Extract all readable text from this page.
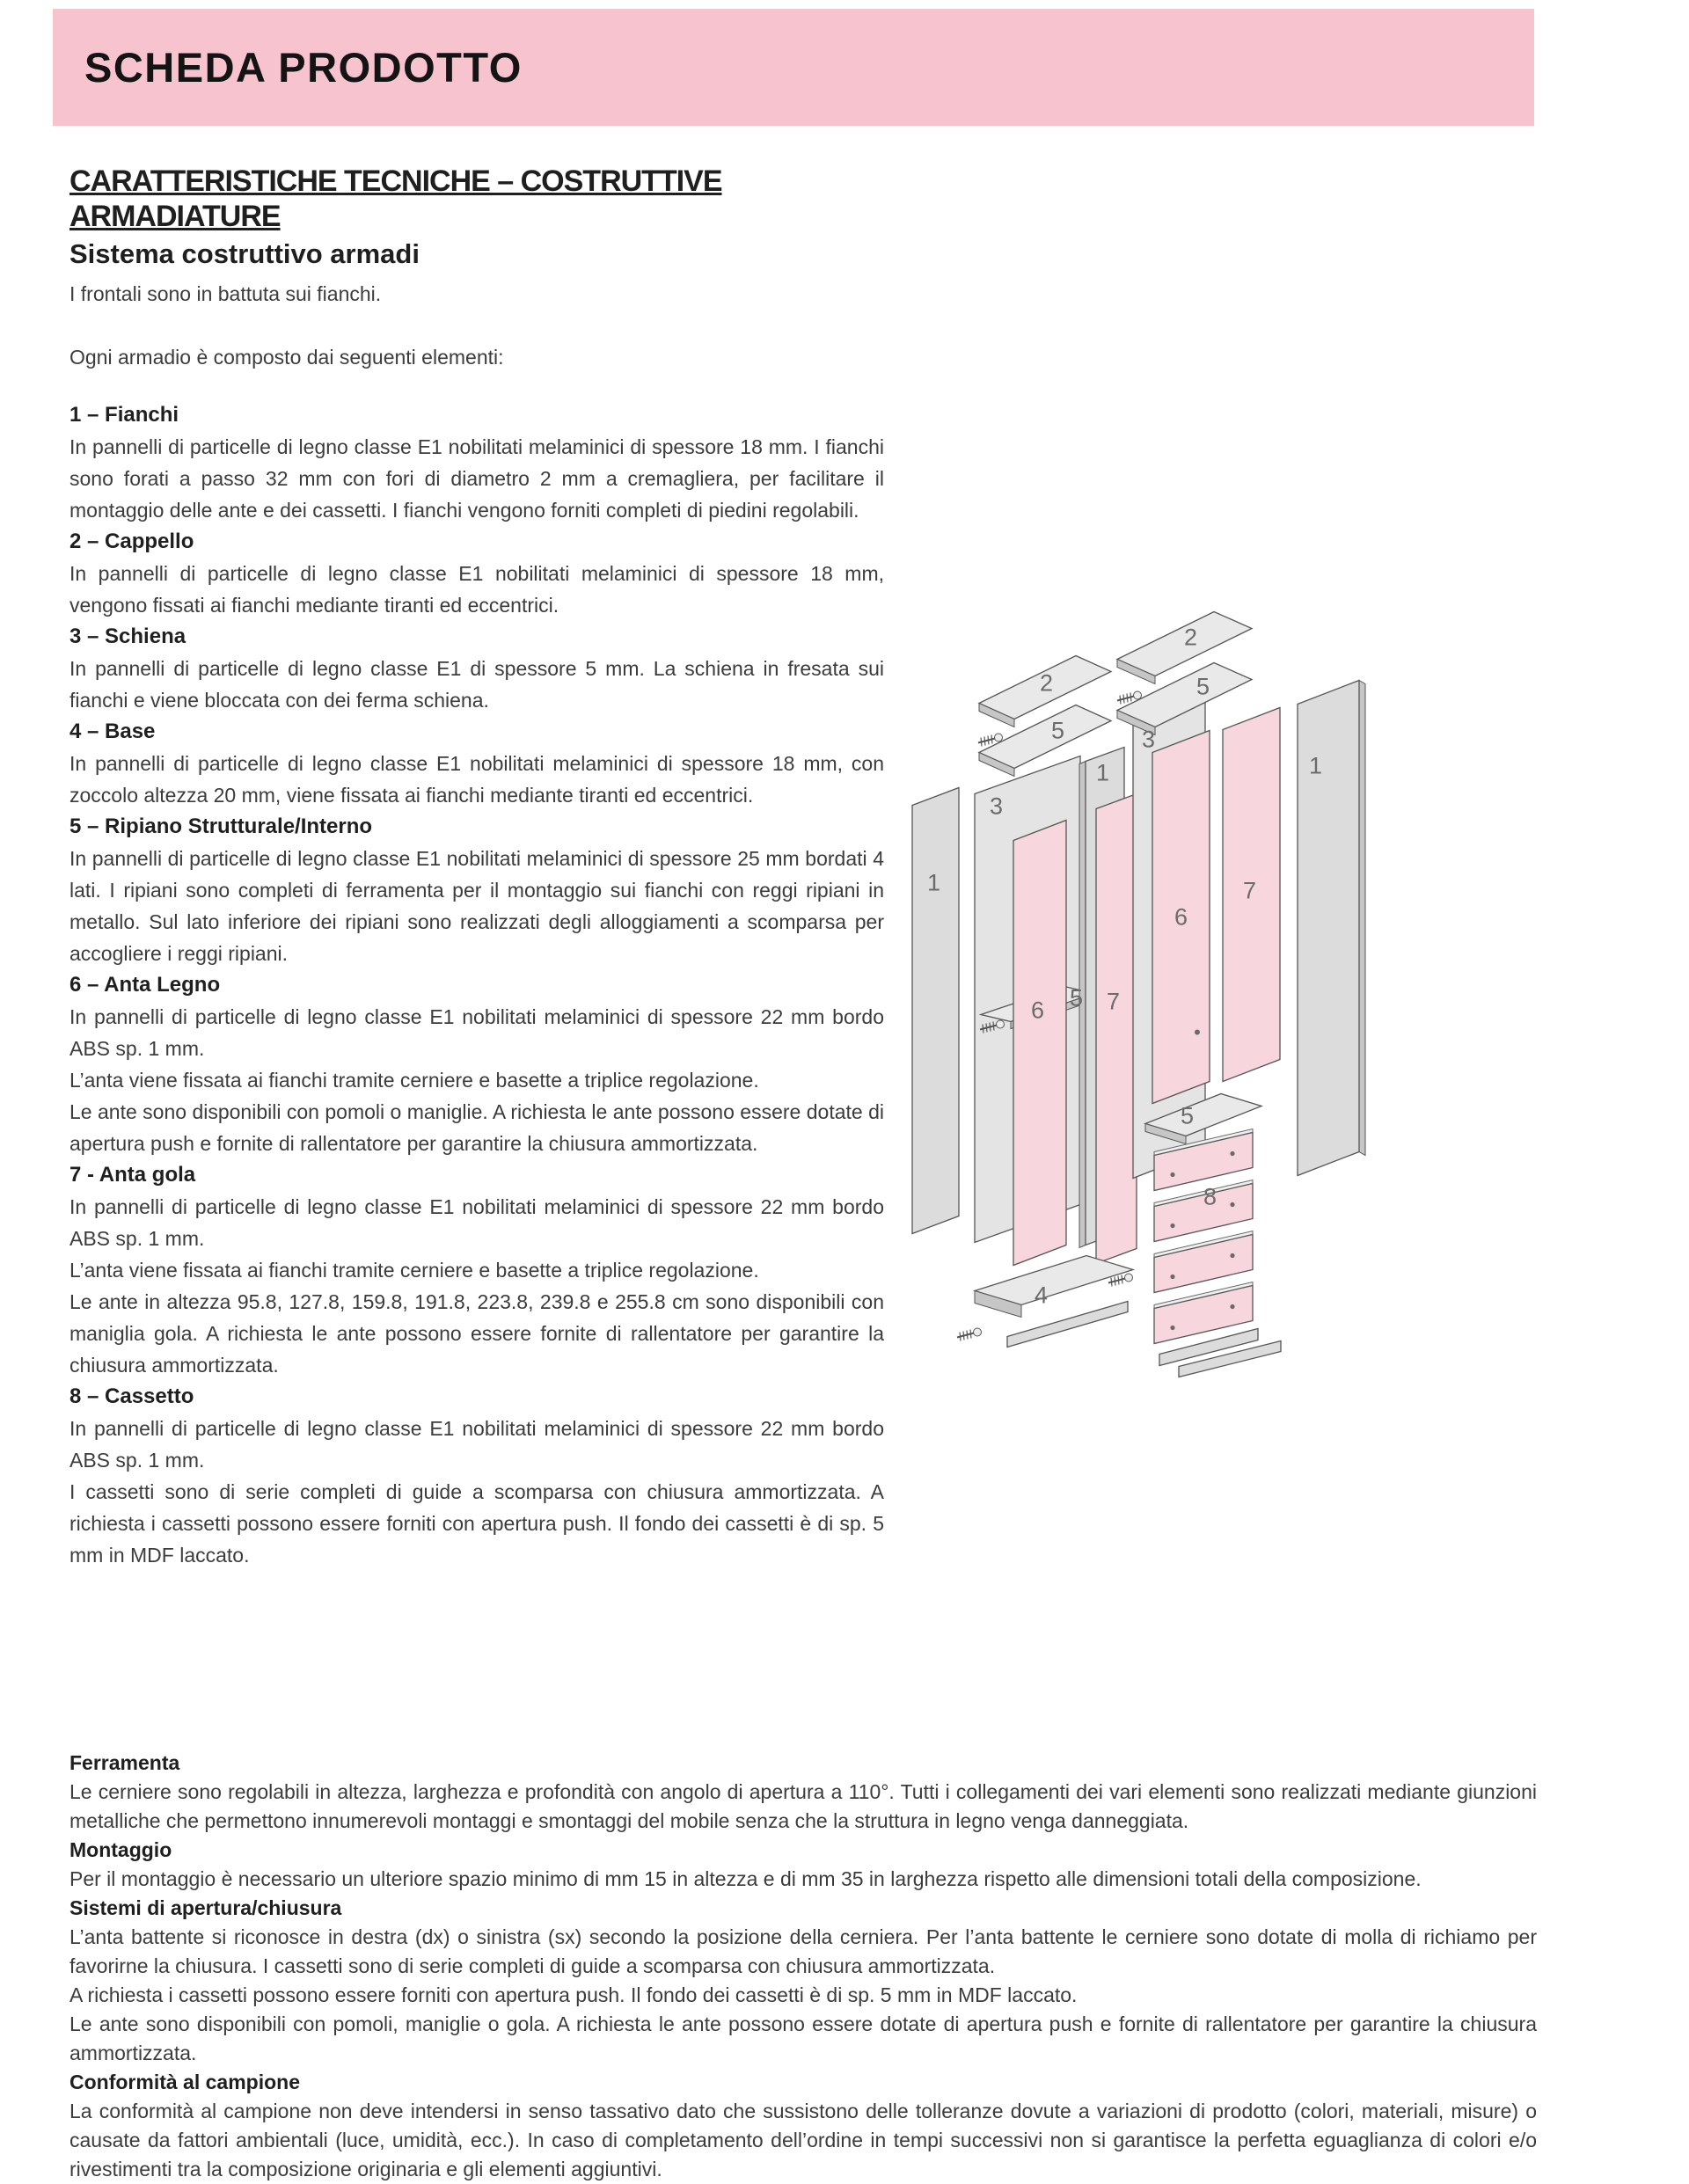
SCHEDA PRODOTTO
CARATTERISTICHE TECNICHE – COSTRUTTIVE ARMADIATURE
Sistema costruttivo armadi

I frontali sono in battuta sui fianchi.

Ogni armadio è composto dai seguenti elementi:

1 – Fianchi

In pannelli di particelle di legno classe E1 nobilitati melaminici di spessore 18 mm. I fianchi sono forati a passo 32 mm con fori di diametro 2 mm a cremagliera, per facilitare il montaggio delle ante e dei cassetti. I fianchi vengono forniti completi di piedini regolabili.

2 – Cappello

In pannelli di particelle di legno classe E1 nobilitati melaminici di spessore 18 mm, vengono fissati ai fianchi mediante tiranti ed eccentrici.

3 – Schiena

In pannelli di particelle di legno classe E1 di spessore 5 mm. La schiena in fresata sui fianchi e viene bloccata con dei ferma schiena.

4 – Base

In pannelli di particelle di legno classe E1 nobilitati melaminici di spessore 18 mm, con zoccolo altezza 20 mm, viene fissata ai fianchi mediante tiranti ed eccentrici.

5 – Ripiano Strutturale/Interno

In pannelli di particelle di legno classe E1 nobilitati melaminici di spessore 25 mm bordati 4 lati. I ripiani sono completi di ferramenta per il montaggio sui fianchi con reggi ripiani in metallo. Sul lato inferiore dei ripiani sono realizzati degli alloggiamenti a scomparsa per accogliere i reggi ripiani.

6 – Anta Legno

In pannelli di particelle di legno classe E1 nobilitati melaminici di spessore 22 mm bordo ABS sp. 1 mm.

L’anta viene fissata ai fianchi tramite cerniere e basette a triplice regolazione.

Le ante sono disponibili con pomoli o maniglie. A richiesta le ante possono essere dotate di apertura push e fornite di rallentatore per garantire la chiusura ammortizzata.

7 - Anta gola

In pannelli di particelle di legno classe E1 nobilitati melaminici di spessore 22 mm bordo ABS sp. 1 mm.

L’anta viene fissata ai fianchi tramite cerniere e basette a triplice regolazione.

Le ante in altezza 95.8, 127.8, 159.8, 191.8, 223.8, 239.8 e 255.8 cm sono disponibili con maniglia gola. A richiesta le ante possono essere fornite di rallentatore per garantire la chiusura ammortizzata.

8 – Cassetto

In pannelli di particelle di legno classe E1 nobilitati melaminici di spessore 22 mm bordo ABS sp. 1 mm.

I cassetti sono di serie completi di guide a scomparsa con chiusura ammortizzata. A richiesta i cassetti possono essere forniti con apertura push. Il fondo dei cassetti è di sp. 5 mm in MDF laccato.

2
5
2
5
3
3
1
1	1
5
6	7
6
7
5
8
4
Ferramenta

Le cerniere sono regolabili in altezza, larghezza e profondità con angolo di apertura a 110°. Tutti i collegamenti dei vari elementi sono realizzati mediante giunzioni metalliche che permettono innumerevoli montaggi e smontaggi del mobile senza che la struttura in legno venga danneggiata.

Montaggio

Per il montaggio è necessario un ulteriore spazio minimo di mm 15 in altezza e di mm 35 in larghezza rispetto alle dimensioni totali della composizione.

Sistemi di apertura/chiusura

L’anta battente si riconosce in destra (dx) o sinistra (sx) secondo la posizione della cerniera. Per l’anta battente le cerniere sono dotate di molla di richiamo per favorirne la chiusura. I cassetti sono di serie completi di guide a scomparsa con chiusura ammortizzata.

A richiesta i cassetti possono essere forniti con apertura push. Il fondo dei cassetti è di sp. 5 mm in MDF laccato.

Le ante sono disponibili con pomoli, maniglie o gola. A richiesta le ante possono essere dotate di apertura push e fornite di rallentatore per garantire la chiusura ammortizzata.

Conformità al campione

La conformità al campione non deve intendersi in senso tassativo dato che sussistono delle tolleranze dovute a variazioni di prodotto (colori, materiali, misure) o causate da fattori ambientali (luce, umidità, ecc.). In caso di completamento dell’ordine in tempi successivi non si garantisce la perfetta eguaglianza di colori e/o rivestimenti tra la composizione originaria e gli elementi aggiuntivi.
